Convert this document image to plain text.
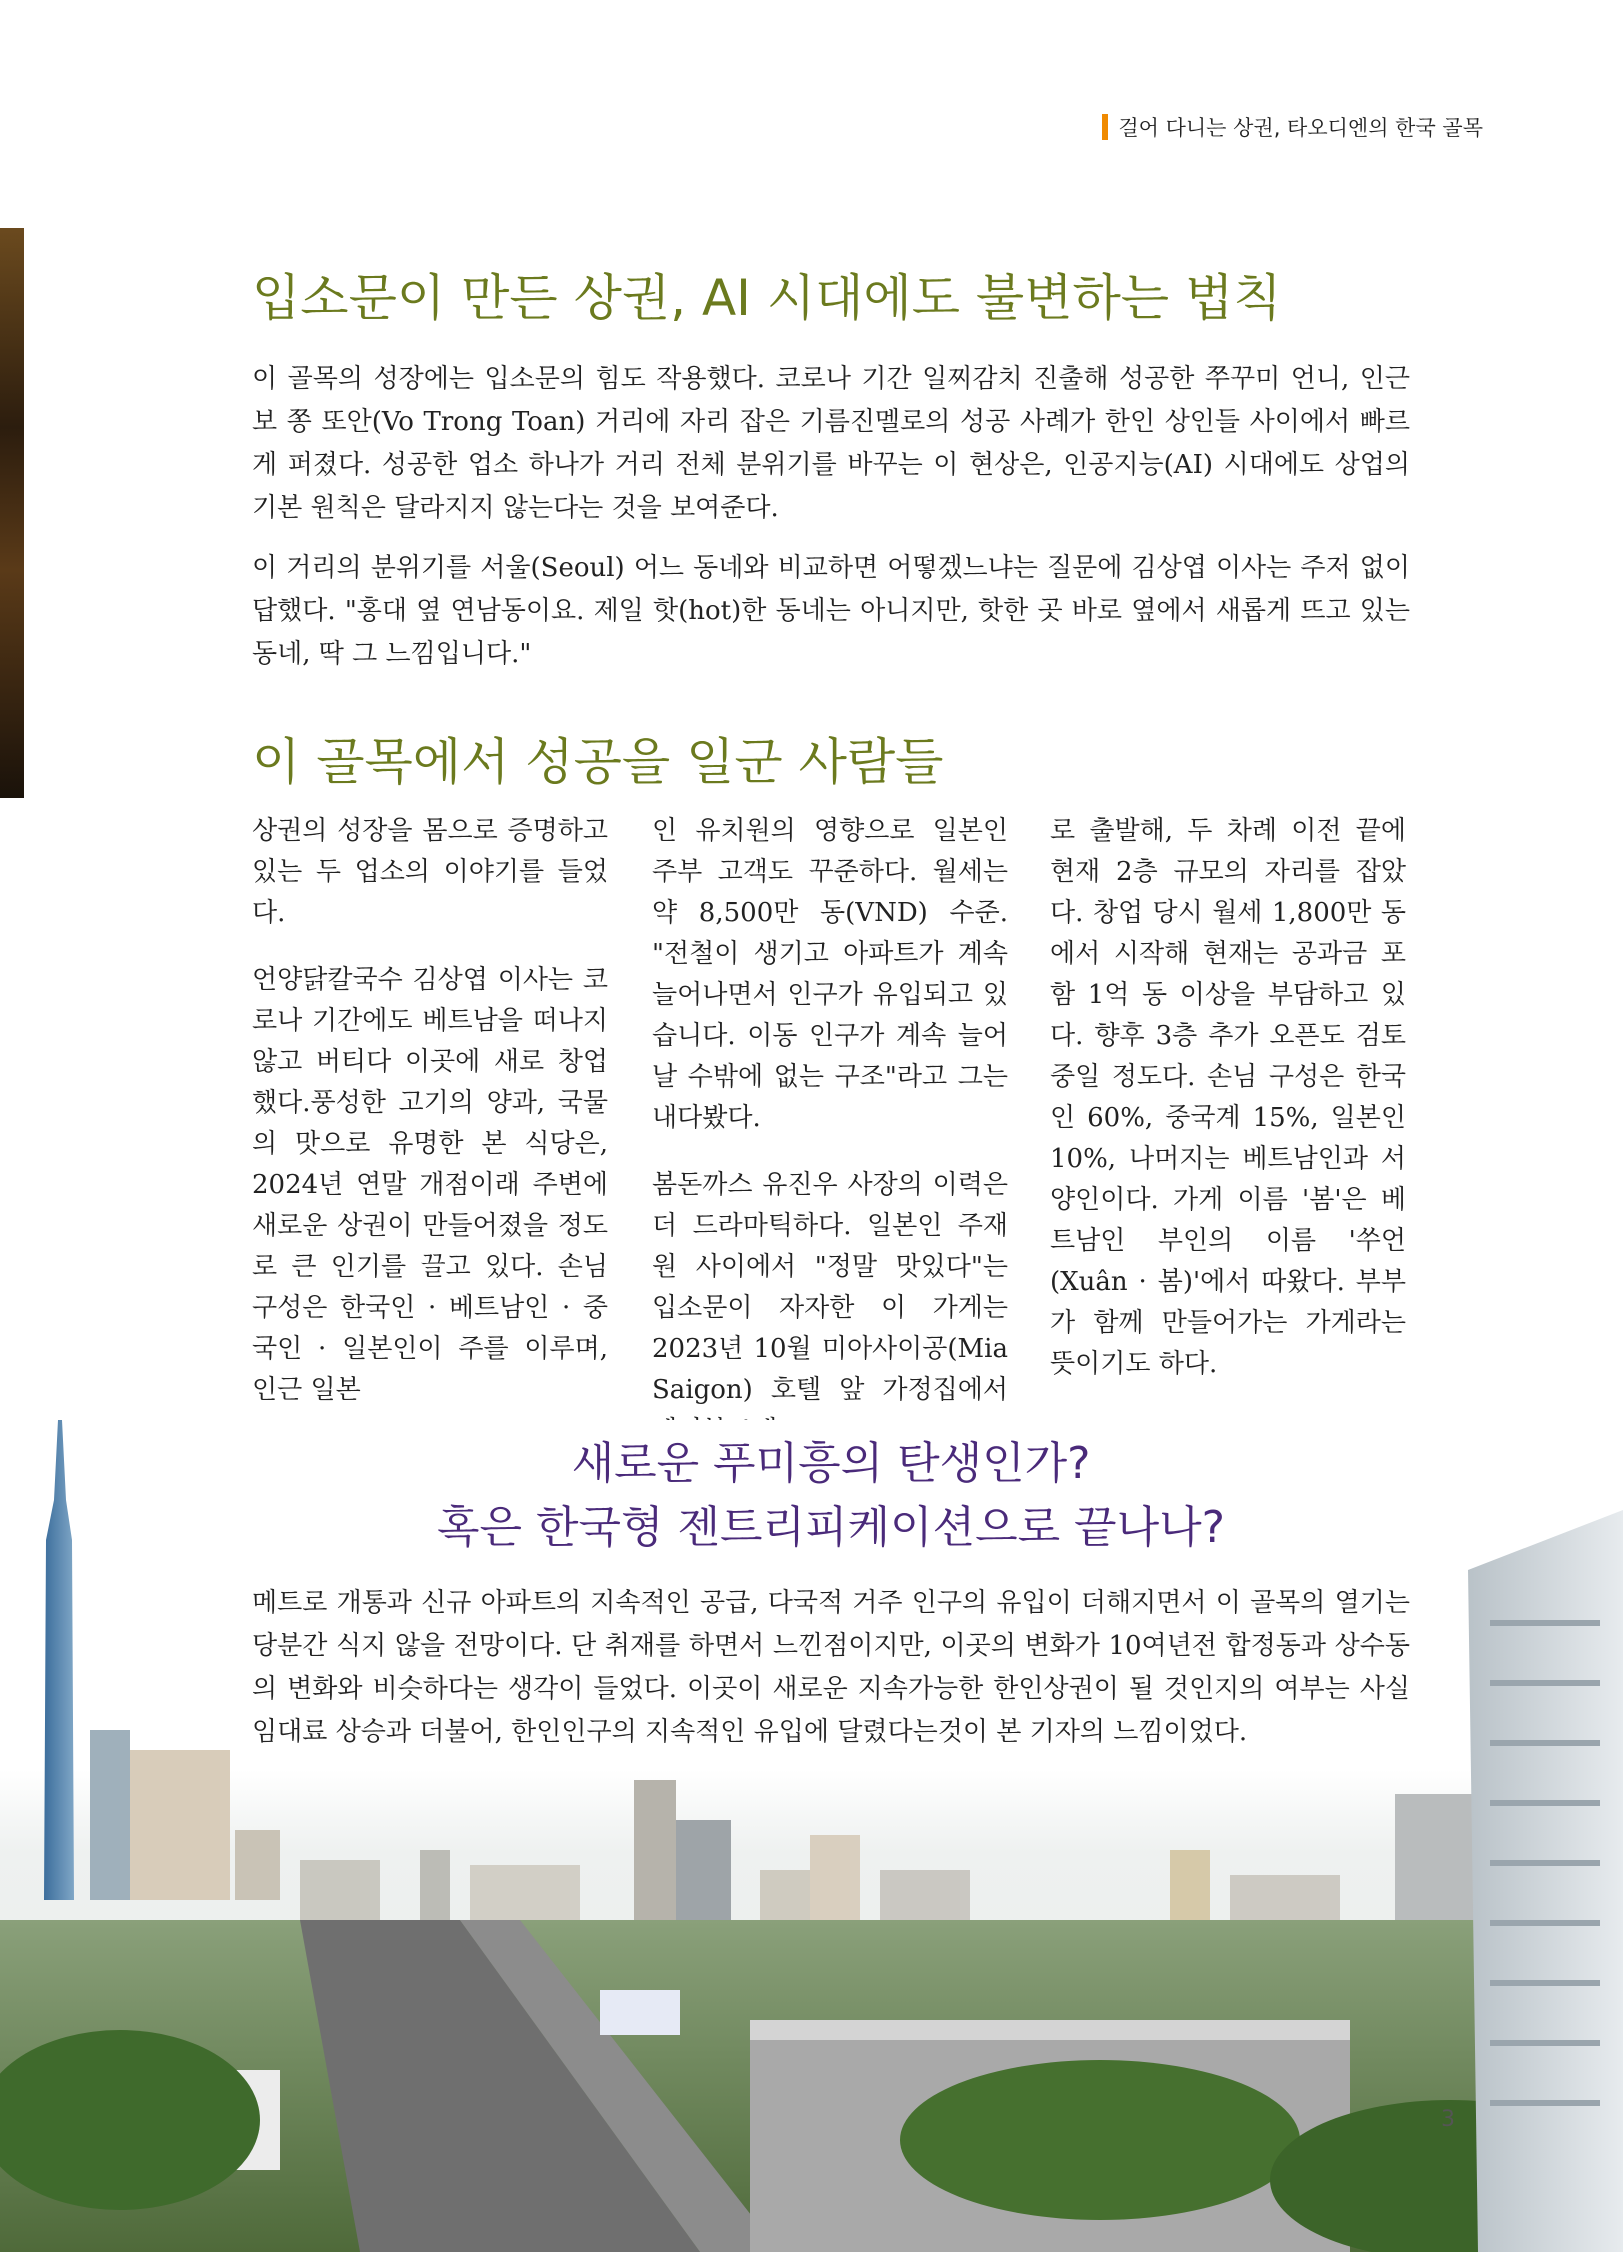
걸어 다니는 상권, 타오디엔의 한국 골목
입소문이 만든 상권, AI 시대에도 불변하는 법칙

이 골목의 성장에는 입소문의 힘도 작용했다. 코로나 기간 일찌감치 진출해 성공한 쭈꾸미 언니, 인근 보 쫑 또안(Vo Trong Toan) 거리에 자리 잡은 기름진멜로의 성공 사례가 한인 상인들 사이에서 빠르게 퍼졌다. 성공한 업소 하나가 거리 전체 분위기를 바꾸는 이 현상은, 인공지능(AI) 시대에도 상업의 기본 원칙은 달라지지 않는다는 것을 보여준다.

이 거리의 분위기를 서울(Seoul) 어느 동네와 비교하면 어떻겠느냐는 질문에 김상엽 이사는 주저 없이 답했다. "홍대 옆 연남동이요. 제일 핫(hot)한 동네는 아니지만, 핫한 곳 바로 옆에서 새롭게 뜨고 있는 동네, 딱 그 느낌입니다."

이 골목에서 성공을 일군 사람들

상권의 성장을 몸으로 증명하고 있는 두 업소의 이야기를 들었다.

언양닭칼국수 김상엽 이사는 코로나 기간에도 베트남을 떠나지 않고 버티다 이곳에 새로 창업했다.풍성한 고기의 양과, 국물의 맛으로 유명한 본 식당은, 2024년 연말 개점이래 주변에 새로운 상권이 만들어졌을 정도로 큰 인기를 끌고 있다. 손님 구성은 한국인 · 베트남인 · 중국인 · 일본인이 주를 이루며, 인근 일본

인 유치원의 영향으로 일본인 주부 고객도 꾸준하다. 월세는 약 8,500만 동(VND) 수준. "전철이 생기고 아파트가 계속 늘어나면서 인구가 유입되고 있습니다. 이동 인구가 계속 늘어날 수밖에 없는 구조"라고 그는 내다봤다.

봄돈까스 유진우 사장의 이력은 더 드라마틱하다. 일본인 주재원 사이에서 "정말 맛있다"는 입소문이 자자한 이 가게는 2023년 10월 미아사이공(Mia Saigon) 호텔 앞 가정집에서

로 출발해, 두 차례 이전 끝에 현재 2층 규모의 자리를 잡았다. 창업 당시 월세 1,800만 동에서 시작해 현재는 공과금 포함 1억 동 이상을 부담하고 있다. 향후 3층 추가 오픈도 검토 중일 정도다. 손님 구성은 한국인 60%, 중국계 15%, 일본인 10%, 나머지는 베트남인과 서양인이다. 가게 이름 '봄'은 베트남인 부인의 이름 '쑤언(Xuân · 봄)'에서 따왔다. 부부가 함께 만들어가는 가게라는 뜻이기도 하다.

새로운 푸미흥의 탄생인가?
혹은 한국형 젠트리피케이션으로 끝나나?

메트로 개통과 신규 아파트의 지속적인 공급, 다국적 거주 인구의 유입이 더해지면서 이 골목의 열기는 당분간 식지 않을 전망이다. 단 취재를 하면서 느낀점이지만, 이곳의 변화가 10여년전 합정동과 상수동의 변화와 비슷하다는 생각이 들었다. 이곳이 새로운 지속가능한 한인상권이 될 것인지의 여부는 사실 임대료 상승과 더불어, 한인인구의 지속적인 유입에 달렸다는것이 본 기자의 느낌이었다.

3
